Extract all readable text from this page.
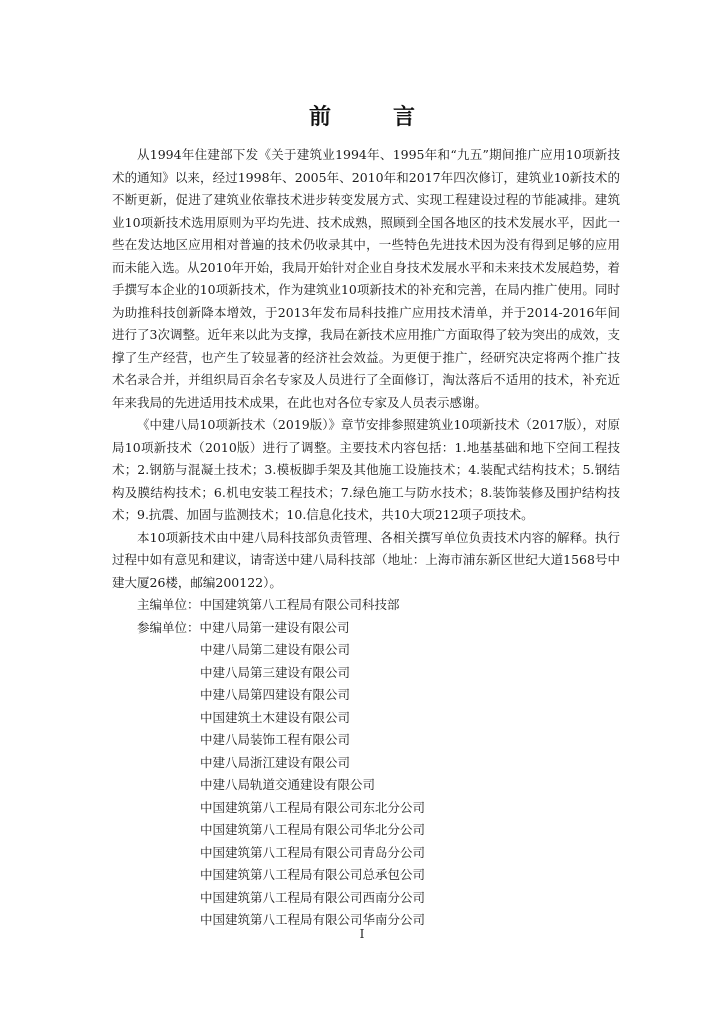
前	言

从1994年住建部下发《关于建筑业1994年、1995年和“九五”期间推广应用10项新技术的通知》以来，经过1998年、2005年、2010年和2017年四次修订，建筑业10新技术的不断更新，促进了建筑业依靠技术进步转变发展方式、实现工程建设过程的节能减排。建筑业10项新技术选用原则为平均先进、技术成熟，照顾到全国各地区的技术发展水平，因此一些在发达地区应用相对普遍的技术仍收录其中，一些特色先进技术因为没有得到足够的应用而未能入选。从2010年开始，我局开始针对企业自身技术发展水平和未来技术发展趋势，着手撰写本企业的10项新技术，作为建筑业10项新技术的补充和完善，在局内推广使用。同时为助推科技创新降本增效，于2013年发布局科技推广应用技术清单，并于2014-2016年间进行了3次调整。近年来以此为支撑，我局在新技术应用推广方面取得了较为突出的成效，支撑了生产经营，也产生了较显著的经济社会效益。为更便于推广，经研究决定将两个推广技术名录合并，并组织局百余名专家及人员进行了全面修订，淘汰落后不适用的技术，补充近年来我局的先进适用技术成果，在此也对各位专家及人员表示感谢。

《中建八局10项新技术（2019版）》章节安排参照建筑业10项新技术（2017版），对原局10项新技术（2010版）进行了调整。主要技术内容包括：1.地基基础和地下空间工程技术；2.钢筋与混凝土技术；3.模板脚手架及其他施工设施技术；4.装配式结构技术；5.钢结构及膜结构技术；6.机电安装工程技术；7.绿色施工与防水技术；8.装饰装修及围护结构技术；9.抗震、加固与监测技术；10.信息化技术，共10大项212项子项技术。

本10项新技术由中建八局科技部负责管理、各相关撰写单位负责技术内容的解释。执行过程中如有意见和建议，请寄送中建八局科技部（地址：上海市浦东新区世纪大道1568号中建大厦26楼，邮编200122）。

主编单位：中国建筑第八工程局有限公司科技部

参编单位：中建八局第一建设有限公司

中建八局第二建设有限公司

中建八局第三建设有限公司

中建八局第四建设有限公司

中国建筑土木建设有限公司

中建八局装饰工程有限公司

中建八局浙江建设有限公司

中建八局轨道交通建设有限公司

中国建筑第八工程局有限公司东北分公司

中国建筑第八工程局有限公司华北分公司

中国建筑第八工程局有限公司青岛分公司

中国建筑第八工程局有限公司总承包公司

中国建筑第八工程局有限公司西南分公司

中国建筑第八工程局有限公司华南分公司

I
